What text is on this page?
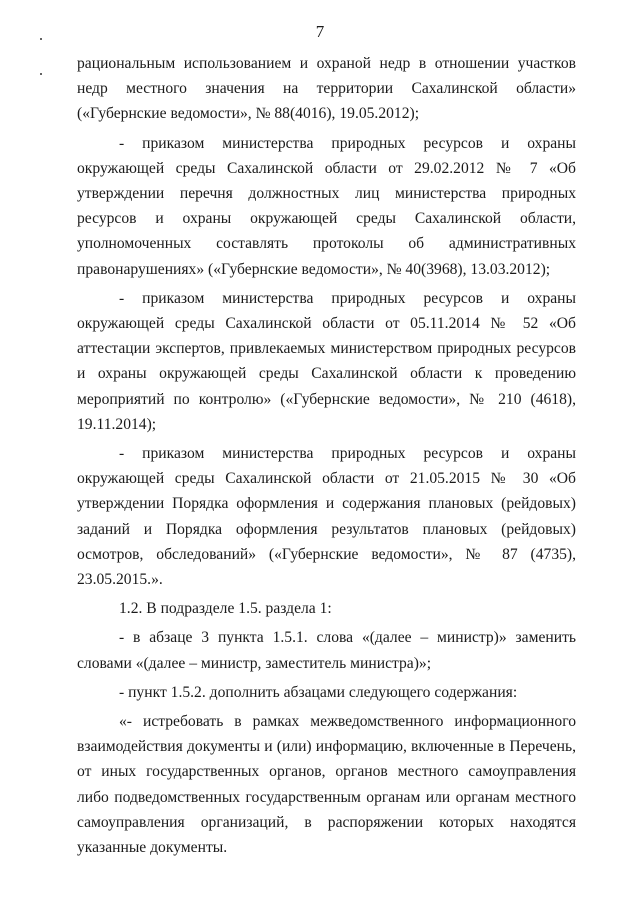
7

рациональным использованием и охраной недр в отношении участков недр местного значения на территории Сахалинской области» («Губернские ведомости», № 88(4016), 19.05.2012);

- приказом министерства природных ресурсов и охраны окружающей среды Сахалинской области от 29.02.2012 № 7 «Об утверждении перечня должностных лиц министерства природных ресурсов и охраны окружающей среды Сахалинской области, уполномоченных составлять протоколы об административных правонарушениях» («Губернские ведомости», № 40(3968), 13.03.2012);

- приказом министерства природных ресурсов и охраны окружающей среды Сахалинской области от 05.11.2014 № 52 «Об аттестации экспертов, привлекаемых министерством природных ресурсов и охраны окружающей среды Сахалинской области к проведению мероприятий по контролю» («Губернские ведомости», № 210 (4618), 19.11.2014);

- приказом министерства природных ресурсов и охраны окружающей среды Сахалинской области от 21.05.2015 № 30 «Об утверждении Порядка оформления и содержания плановых (рейдовых) заданий и Порядка оформления результатов плановых (рейдовых) осмотров, обследований» («Губернские ведомости», № 87 (4735), 23.05.2015.».

1.2. В подразделе 1.5. раздела 1:

- в абзаце 3 пункта 1.5.1. слова «(далее – министр)» заменить словами «(далее – министр, заместитель министра)»;

- пункт 1.5.2. дополнить абзацами следующего содержания:

«- истребовать в рамках межведомственного информационного взаимодействия документы и (или) информацию, включенные в Перечень, от иных государственных органов, органов местного самоуправления либо подведомственных государственным органам или органам местного самоуправления организаций, в распоряжении которых находятся указанные документы.
